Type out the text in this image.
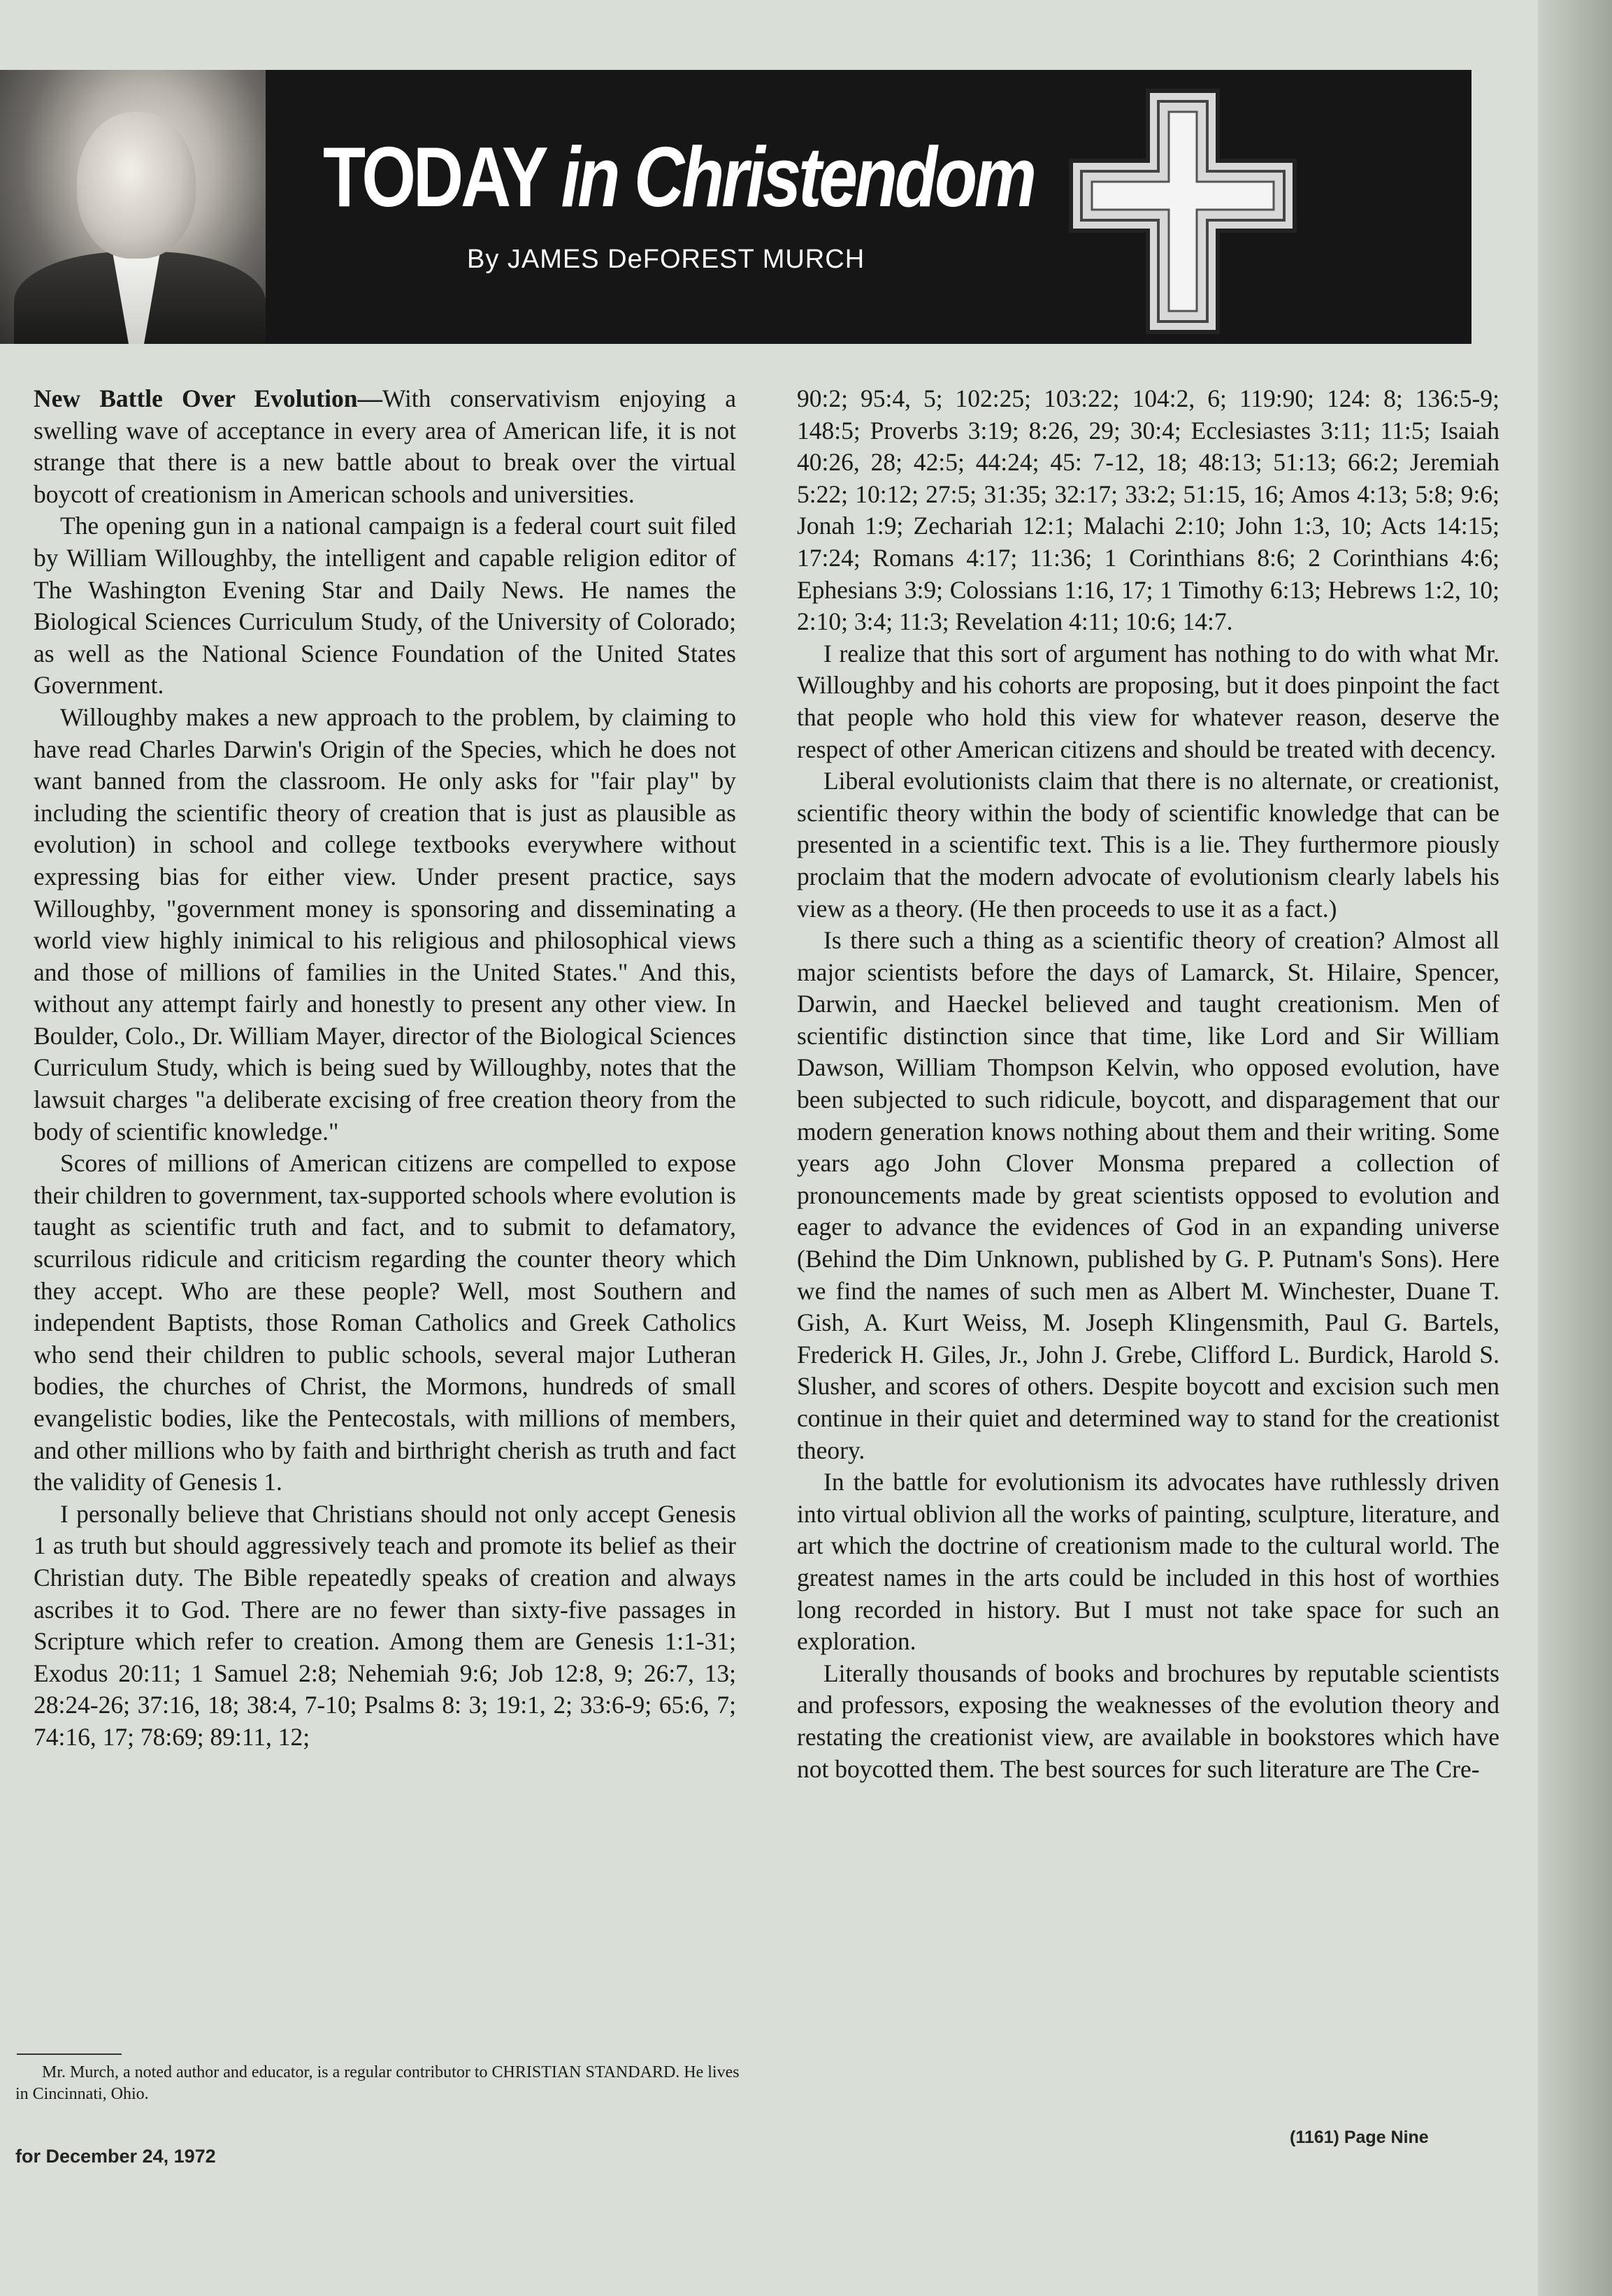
TODAY in Christendom
By JAMES DeFOREST MURCH

New Battle Over Evolution—With conservativism enjoying a swelling wave of acceptance in every area of American life, it is not strange that there is a new battle about to break over the virtual boycott of creationism in American schools and universities.

The opening gun in a national campaign is a federal court suit filed by William Willoughby, the intelligent and capable religion editor of The Washington Evening Star and Daily News. He names the Biological Sciences Curriculum Study, of the University of Colorado; as well as the National Science Foundation of the United States Government.

Willoughby makes a new approach to the problem, by claiming to have read Charles Darwin's Origin of the Species, which he does not want banned from the classroom. He only asks for "fair play" by including the scientific theory of creation that is just as plausible as evolution) in school and college textbooks everywhere without expressing bias for either view. Under present practice, says Willoughby, "government money is sponsoring and disseminating a world view highly inimical to his religious and philosophical views and those of millions of families in the United States." And this, without any attempt fairly and honestly to present any other view. In Boulder, Colo., Dr. William Mayer, director of the Biological Sciences Curriculum Study, which is being sued by Willoughby, notes that the lawsuit charges "a deliberate excising of free creation theory from the body of scientific knowledge."

Scores of millions of American citizens are compelled to expose their children to government, tax-supported schools where evolution is taught as scientific truth and fact, and to submit to defamatory, scurrilous ridicule and criticism regarding the counter theory which they accept. Who are these people? Well, most Southern and independent Baptists, those Roman Catholics and Greek Catholics who send their children to public schools, several major Lutheran bodies, the churches of Christ, the Mormons, hundreds of small evangelistic bodies, like the Pentecostals, with millions of members, and other millions who by faith and birthright cherish as truth and fact the validity of Genesis 1.

I personally believe that Christians should not only accept Genesis 1 as truth but should aggressively teach and promote its belief as their Christian duty. The Bible repeatedly speaks of creation and always ascribes it to God. There are no fewer than sixty-five passages in Scripture which refer to creation. Among them are Genesis 1:1-31; Exodus 20:11; 1 Samuel 2:8; Nehemiah 9:6; Job 12:8, 9; 26:7, 13; 28:24-26; 37:16, 18; 38:4, 7-10; Psalms 8: 3; 19:1, 2; 33:6-9; 65:6, 7; 74:16, 17; 78:69; 89:11, 12;

90:2; 95:4, 5; 102:25; 103:22; 104:2, 6; 119:90; 124: 8; 136:5-9; 148:5; Proverbs 3:19; 8:26, 29; 30:4; Ecclesiastes 3:11; 11:5; Isaiah 40:26, 28; 42:5; 44:24; 45: 7-12, 18; 48:13; 51:13; 66:2; Jeremiah 5:22; 10:12; 27:5; 31:35; 32:17; 33:2; 51:15, 16; Amos 4:13; 5:8; 9:6; Jonah 1:9; Zechariah 12:1; Malachi 2:10; John 1:3, 10; Acts 14:15; 17:24; Romans 4:17; 11:36; 1 Corinthians 8:6; 2 Corinthians 4:6; Ephesians 3:9; Colossians 1:16, 17; 1 Timothy 6:13; Hebrews 1:2, 10; 2:10; 3:4; 11:3; Revelation 4:11; 10:6; 14:7.

I realize that this sort of argument has nothing to do with what Mr. Willoughby and his cohorts are proposing, but it does pinpoint the fact that people who hold this view for whatever reason, deserve the respect of other American citizens and should be treated with decency.

Liberal evolutionists claim that there is no alternate, or creationist, scientific theory within the body of scientific knowledge that can be presented in a scientific text. This is a lie. They furthermore piously proclaim that the modern advocate of evolutionism clearly labels his view as a theory. (He then proceeds to use it as a fact.)

Is there such a thing as a scientific theory of creation? Almost all major scientists before the days of Lamarck, St. Hilaire, Spencer, Darwin, and Haeckel believed and taught creationism. Men of scientific distinction since that time, like Lord and Sir William Dawson, William Thompson Kelvin, who opposed evolution, have been subjected to such ridicule, boycott, and disparagement that our modern generation knows nothing about them and their writing. Some years ago John Clover Monsma prepared a collection of pronouncements made by great scientists opposed to evolution and eager to advance the evidences of God in an expanding universe (Behind the Dim Unknown, published by G. P. Putnam's Sons). Here we find the names of such men as Albert M. Winchester, Duane T. Gish, A. Kurt Weiss, M. Joseph Klingensmith, Paul G. Bartels, Frederick H. Giles, Jr., John J. Grebe, Clifford L. Burdick, Harold S. Slusher, and scores of others. Despite boycott and excision such men continue in their quiet and determined way to stand for the creationist theory.

In the battle for evolutionism its advocates have ruthlessly driven into virtual oblivion all the works of painting, sculpture, literature, and art which the doctrine of creationism made to the cultural world. The greatest names in the arts could be included in this host of worthies long recorded in history. But I must not take space for such an exploration.

Literally thousands of books and brochures by reputable scientists and professors, exposing the weaknesses of the evolution theory and restating the creationist view, are available in bookstores which have not boycotted them. The best sources for such literature are The Cre-

Mr. Murch, a noted author and educator, is a regular contributor to CHRISTIAN STANDARD. He lives in Cincinnati, Ohio.
for December 24, 1972
(1161) Page Nine
